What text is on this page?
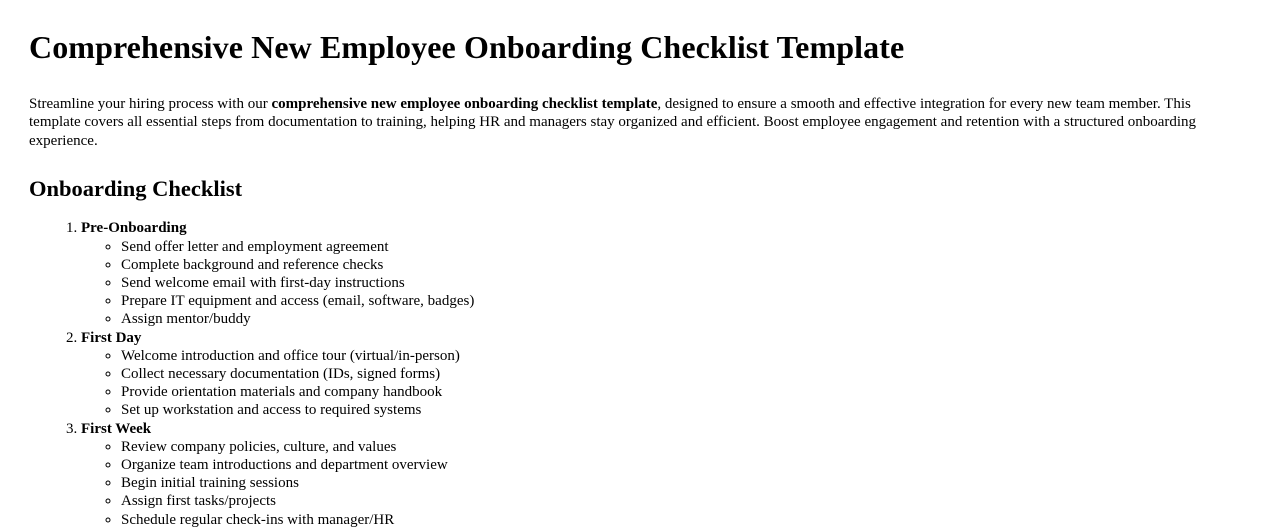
Comprehensive New Employee Onboarding Checklist Template

Streamline your hiring process with our comprehensive new employee onboarding checklist template, designed to ensure a smooth and effective integration for every new team member. This template covers all essential steps from documentation to training, helping HR and managers stay organized and efficient. Boost employee engagement and retention with a structured onboarding experience.

Onboarding Checklist
1. Pre-Onboarding
◦ Send offer letter and employment agreement
◦ Complete background and reference checks
◦ Send welcome email with first-day instructions
◦ Prepare IT equipment and access (email, software, badges)
◦ Assign mentor/buddy
2. First Day
◦ Welcome introduction and office tour (virtual/in-person)
◦ Collect necessary documentation (IDs, signed forms)
◦ Provide orientation materials and company handbook
◦ Set up workstation and access to required systems
3. First Week
◦ Review company policies, culture, and values
◦ Organize team introductions and department overview
◦ Begin initial training sessions
◦ Assign first tasks/projects
◦ Schedule regular check-ins with manager/HR
